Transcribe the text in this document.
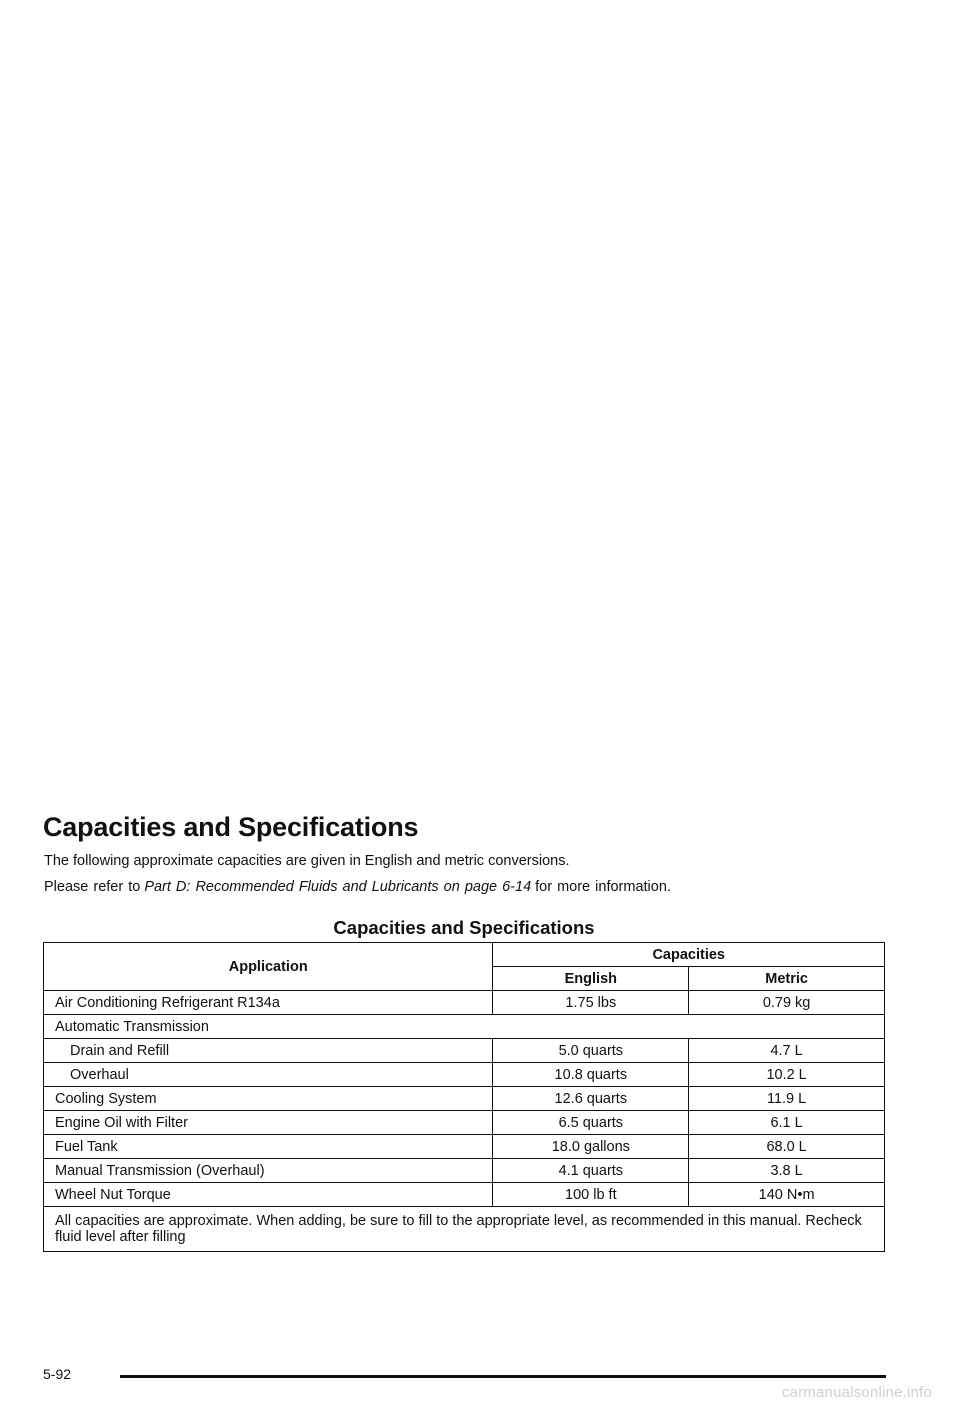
Capacities and Specifications

The following approximate capacities are given in English and metric conversions.

Please refer to Part D: Recommended Fluids and Lubricants on page 6-14 for more information.

Capacities and Specifications
Application	Capacities	
	English	Metric
Air Conditioning Refrigerant R134a	1.75 lbs	0.79 kg
Automatic Transmission		
Drain and Refill	5.0 quarts	4.7 L
Overhaul	10.8 quarts	10.2 L
Cooling System	12.6 quarts	11.9 L
Engine Oil with Filter	6.5 quarts	6.1 L
Fuel Tank	18.0 gallons	68.0 L
Manual Transmission (Overhaul)	4.1 quarts	3.8 L
Wheel Nut Torque	100 lb ft	140 N•m
All capacities are approximate. When adding, be sure to fill to the appropriate level, as recommended in this manual. Recheck fluid level after filling		
5-92
carmanualsonline.info
